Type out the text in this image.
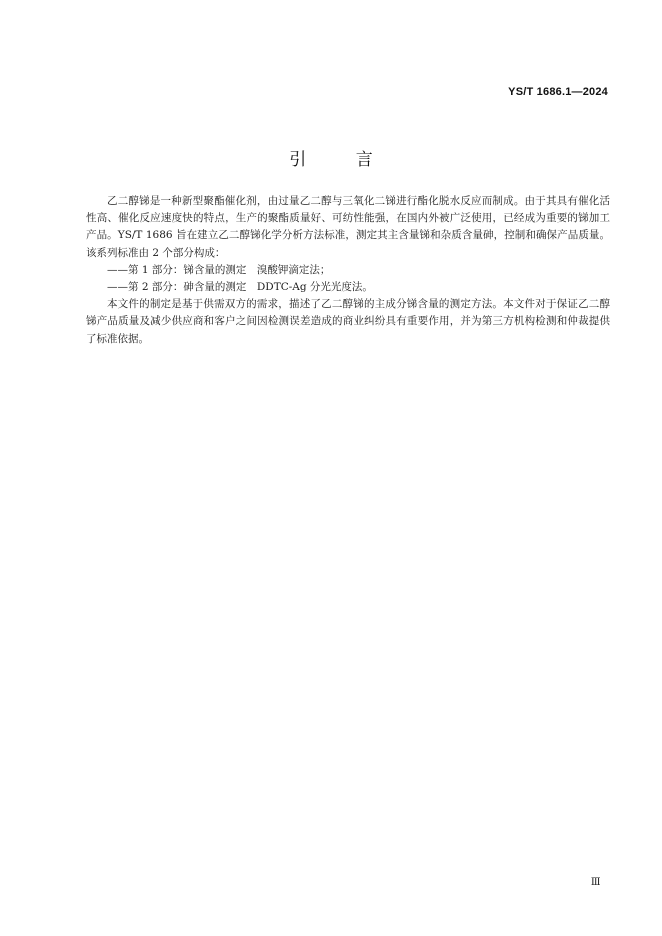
YS/T 1686.1—2024
引 言

乙二醇锑是一种新型聚酯催化剂，由过量乙二醇与三氧化二锑进行酯化脱水反应而制成。由于其具有催化活性高、催化反应速度快的特点，生产的聚酯质量好、可纺性能强，在国内外被广泛使用，已经成为重要的锑加工产品。YS/T 1686 旨在建立乙二醇锑化学分析方法标准，测定其主含量锑和杂质含量砷，控制和确保产品质量。该系列标准由 2 个部分构成：

——第 1 部分：锑含量的测定　溴酸钾滴定法；

——第 2 部分：砷含量的测定　DDTC-Ag 分光光度法。

本文件的制定是基于供需双方的需求，描述了乙二醇锑的主成分锑含量的测定方法。本文件对于保证乙二醇锑产品质量及减少供应商和客户之间因检测误差造成的商业纠纷具有重要作用，并为第三方机构检测和仲裁提供了标准依据。

Ⅲ
